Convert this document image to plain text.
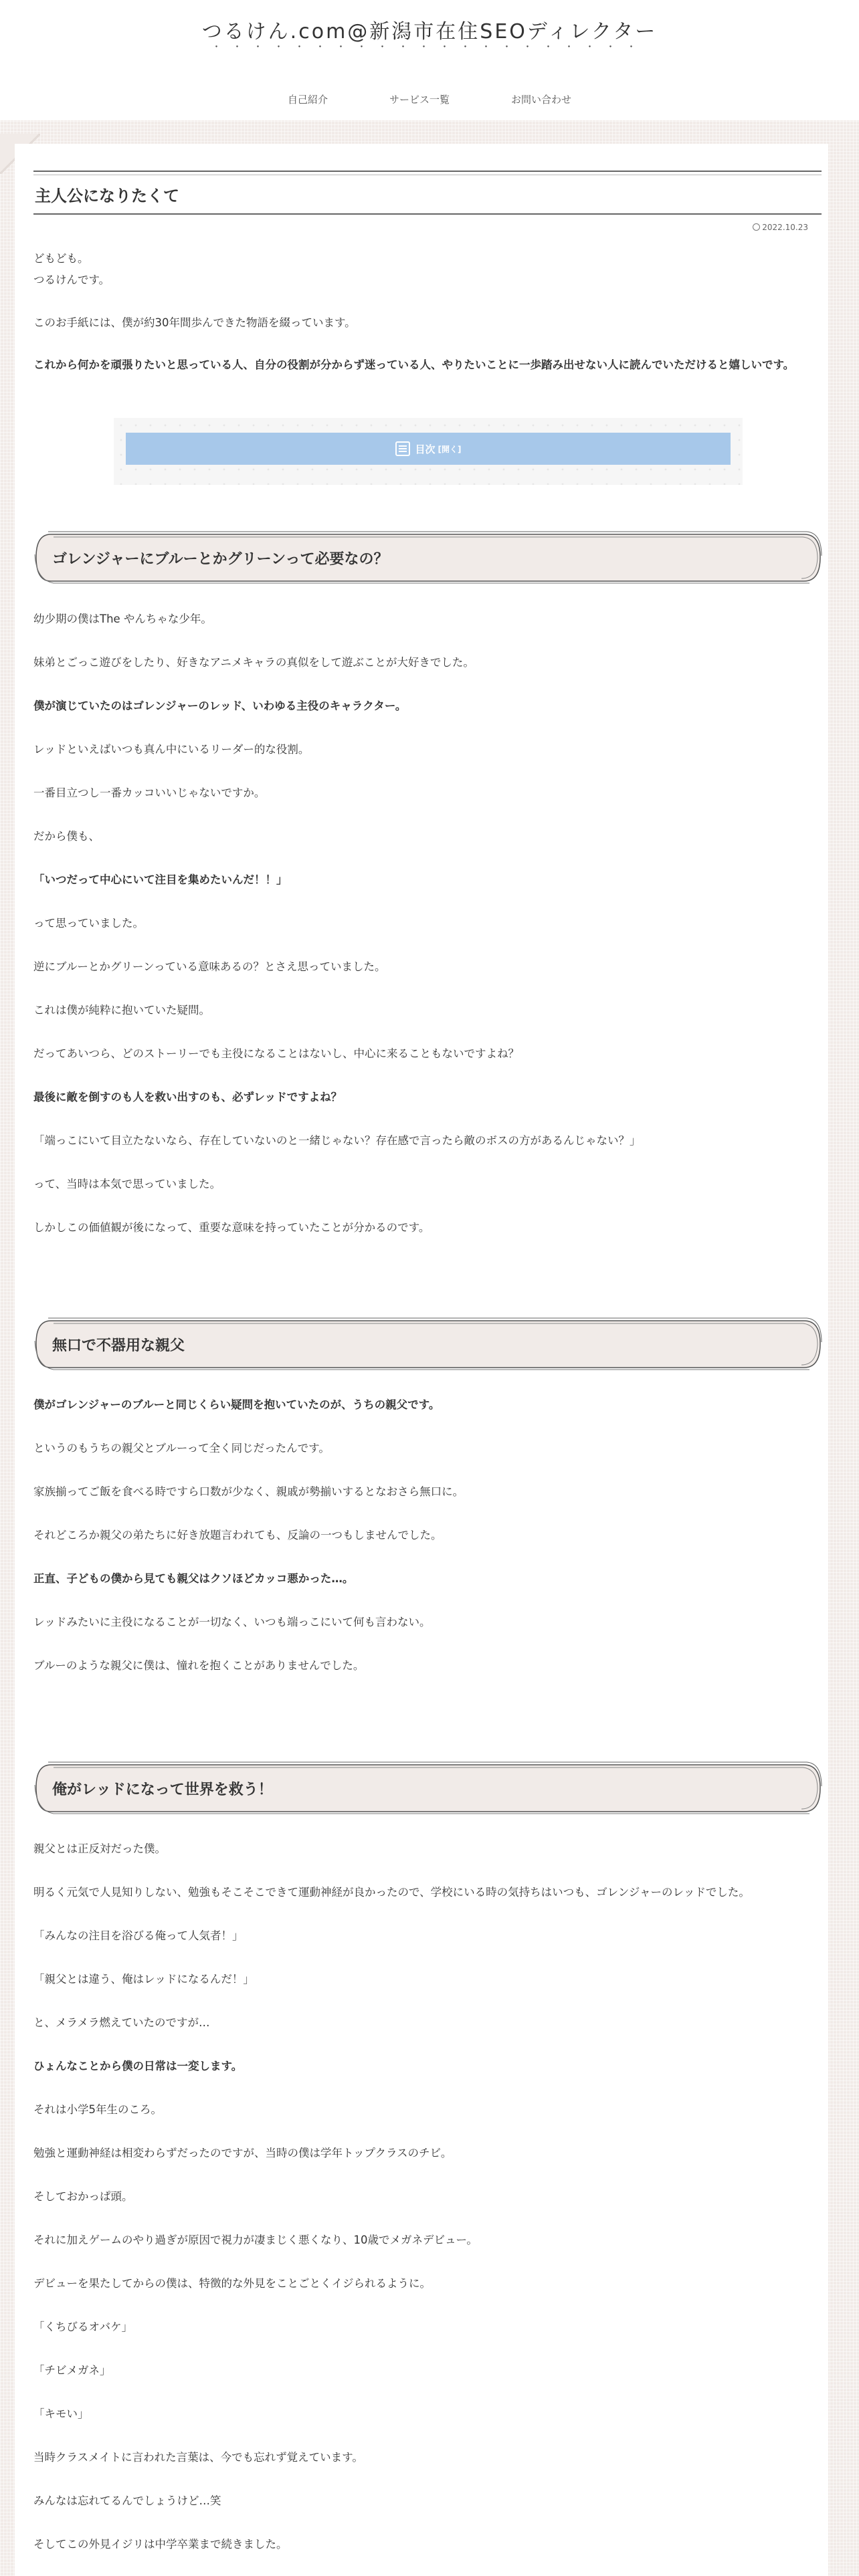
つるけん.com@新潟市在住SEOディレクター
・・・・・・・・・・・・・・・・・・・・・
自己紹介	サービス一覧	お問い合わせ
主人公になりたくて
2022.10.23

どもども。

つるけんです。

このお手紙には、僕が約30年間歩んできた物語を綴っています。

これから何かを頑張りたいと思っている人、自分の役割が分からず迷っている人、やりたいことに一歩踏み出せない人に読んでいただけると嬉しいです。

目次 [開く]
ゴレンジャーにブルーとかグリーンって必要なの？

幼少期の僕はThe やんちゃな少年。

妹弟とごっこ遊びをしたり、好きなアニメキャラの真似をして遊ぶことが大好きでした。

僕が演じていたのはゴレンジャーのレッド、いわゆる主役のキャラクター。

レッドといえばいつも真ん中にいるリーダー的な役割。

一番目立つし一番カッコいいじゃないですか。

だから僕も、

「いつだって中心にいて注目を集めたいんだ！！」

って思っていました。

逆にブルーとかグリーンっている意味あるの？とさえ思っていました。

これは僕が純粋に抱いていた疑問。

だってあいつら、どのストーリーでも主役になることはないし、中心に来ることもないですよね？

最後に敵を倒すのも人を救い出すのも、必ずレッドですよね？

「端っこにいて目立たないなら、存在していないのと一緒じゃない？存在感で言ったら敵のボスの方があるんじゃない？」

って、当時は本気で思っていました。

しかしこの価値観が後になって、重要な意味を持っていたことが分かるのです。

無口で不器用な親父

僕がゴレンジャーのブルーと同じくらい疑問を抱いていたのが、うちの親父です。

というのもうちの親父とブルーって全く同じだったんです。

家族揃ってご飯を食べる時ですら口数が少なく、親戚が勢揃いするとなおさら無口に。

それどころか親父の弟たちに好き放題言われても、反論の一つもしませんでした。

正直、子どもの僕から見ても親父はクソほどカッコ悪かった…。

レッドみたいに主役になることが一切なく、いつも端っこにいて何も言わない。

ブルーのような親父に僕は、憧れを抱くことがありませんでした。

俺がレッドになって世界を救う！

親父とは正反対だった僕。

明るく元気で人見知りしない、勉強もそこそこできて運動神経が良かったので、学校にいる時の気持ちはいつも、ゴレンジャーのレッドでした。

「みんなの注目を浴びる俺って人気者！」

「親父とは違う、俺はレッドになるんだ！」

と、メラメラ燃えていたのですが…

ひょんなことから僕の日常は一変します。

それは小学5年生のころ。

勉強と運動神経は相変わらずだったのですが、当時の僕は学年トップクラスのチビ。

そしておかっぱ頭。

それに加えゲームのやり過ぎが原因で視力が凄まじく悪くなり、10歳でメガネデビュー。

デビューを果たしてからの僕は、特徴的な外見をことごとくイジられるように。

「くちびるオバケ」

「チビメガネ」

「キモい」

当時クラスメイトに言われた言葉は、今でも忘れず覚えています。

みんなは忘れてるんでしょうけど…笑

そしてこの外見イジリは中学卒業まで続きました。
